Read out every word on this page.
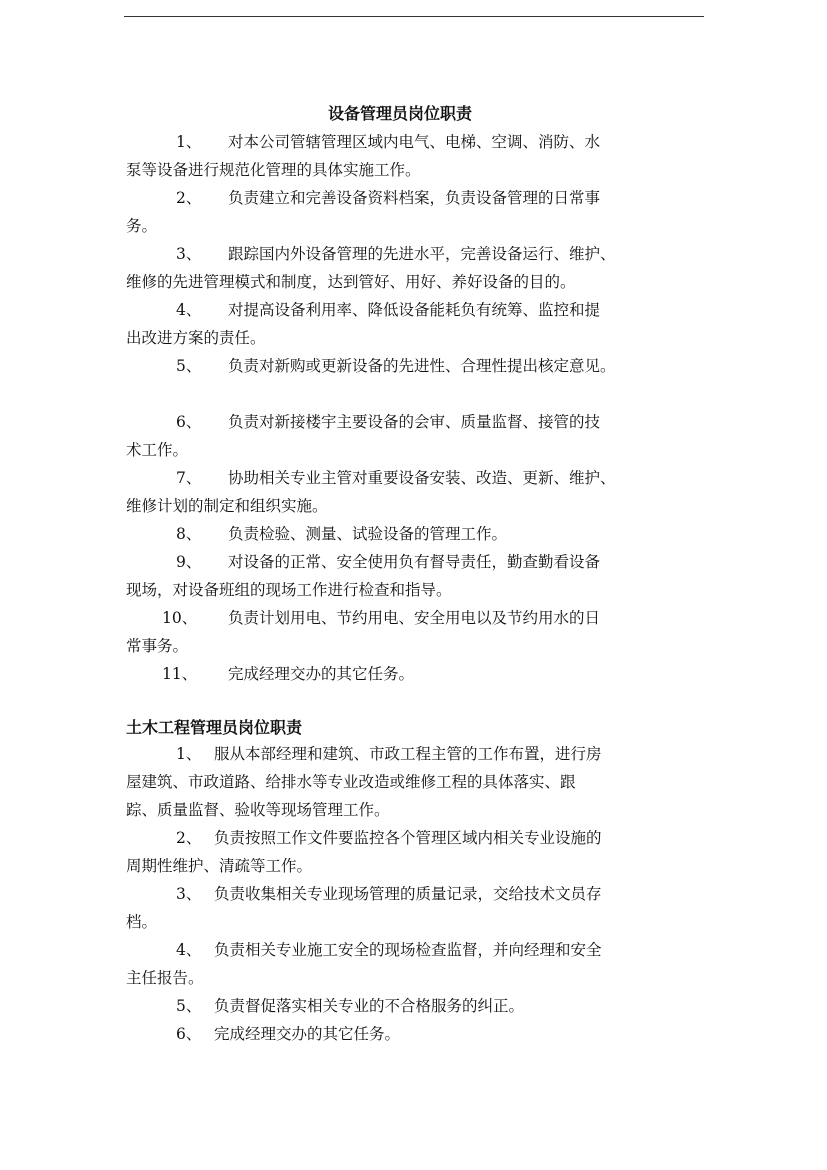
设备管理员岗位职责
1、 对本公司管辖管理区域内电气、电梯、空调、消防、水
泵等设备进行规范化管理的具体实施工作。
2、 负责建立和完善设备资料档案，负责设备管理的日常事
务。
3、 跟踪国内外设备管理的先进水平，完善设备运行、维护、
维修的先进管理模式和制度，达到管好、用好、养好设备的目的。
4、 对提高设备利用率、降低设备能耗负有统筹、监控和提
出改进方案的责任。
5、 负责对新购或更新设备的先进性、合理性提出核定意见。
6、 负责对新接楼宇主要设备的会审、质量监督、接管的技
术工作。
7、 协助相关专业主管对重要设备安装、改造、更新、维护、
维修计划的制定和组织实施。
8、 负责检验、测量、试验设备的管理工作。
9、 对设备的正常、安全使用负有督导责任，勤查勤看设备
现场，对设备班组的现场工作进行检查和指导。
10、 负责计划用电、节约用电、安全用电以及节约用水的日
常事务。
11、 完成经理交办的其它任务。
土木工程管理员岗位职责
1、 服从本部经理和建筑、市政工程主管的工作布置，进行房
屋建筑、市政道路、给排水等专业改造或维修工程的具体落实、跟
踪、质量监督、验收等现场管理工作。
2、 负责按照工作文件要监控各个管理区域内相关专业设施的
周期性维护、清疏等工作。
3、 负责收集相关专业现场管理的质量记录，交给技术文员存
档。
4、 负责相关专业施工安全的现场检查监督，并向经理和安全
主任报告。
5、 负责督促落实相关专业的不合格服务的纠正。
6、 完成经理交办的其它任务。
